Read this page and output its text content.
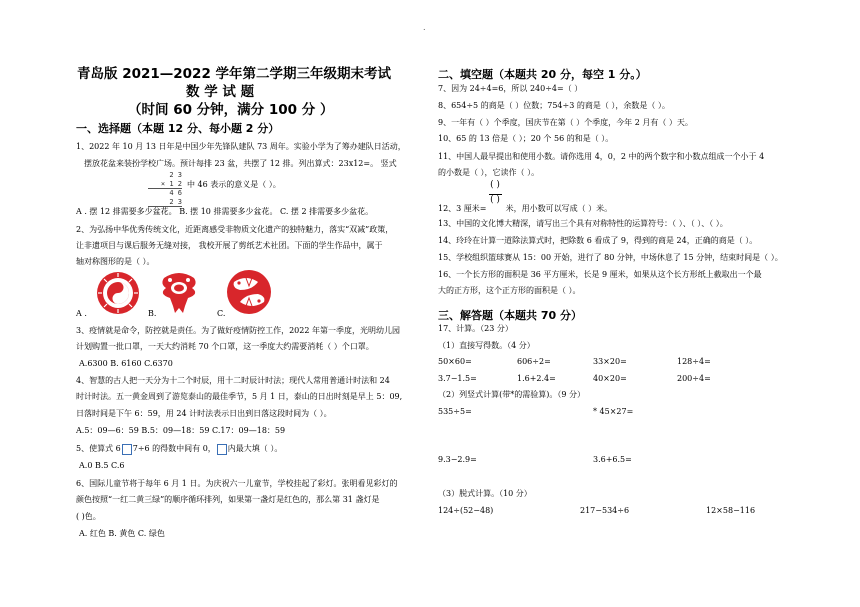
.
青岛版 2021—2022 学年第二学期三年级期末考试
数 学 试 题
（时间 60 分钟，满分 100 分 ）
一、选择题（本题 12 分、每小题 2 分）
1、2022 年 10 月 13 日年是中国少年先锋队建队 73 周年。实验小学为了筹办建队日活动，
摆放花盆来装扮学校广场。预计每排 23 盆，共摆了 12 排。列出算式：23x12=。 竖式
2 3
× 1 2
4 6
2 3
中 46 表示的意义是（ ）。
A . 摆 12 排需要多少盆花。 B. 摆 10 排需要多少盆花。 C. 摆 2 排需要多少盆花。
2、为弘扬中华优秀传统文化，近距离感受非物质文化遗产的独特魅力，落实“双减”政策，
让非遗项目与课后服务无缝对接， 我校开展了剪纸艺术社团。下面的学生作品中，属于
轴对称图形的是（ ）。
A .	B.	C.
3、疫情就是命令，防控就是责任。为了做好疫情防控工作，2022 年第一季度，光明幼儿园
计划购置一批口罩，一天大约消耗 70 个口罩，这一季度大约需要消耗（ ）个口罩。
A.6300 B. 6160 C.6370
4、智慧的古人把一天分为十二个时辰，用十二时辰计时法；现代人常用普通计时法和 24
时计时法。五一黄金周到了游览泰山的最佳季节，5 月 1 日，泰山的日出时刻是早上 5：09,
日落时间是下午 6：59，用 24 计时法表示日出到日落这段时间为（ ）。
A.5：09—6：59 B.5：09—18：59 C.17：09—18：59
5、使算式 6 7÷6 的得数中间有 0， 内最大填（ ）。
A.0 B.5 C.6
6、国际儿童节将于每年 6 月 1 日。为庆祝六一儿童节，学校挂起了彩灯。张明看见彩灯的
颜色按照“一红二黄三绿”的顺序循环排列，如果第一盏灯是红色的，那么第 31 盏灯是
( )色。
A. 红色 B. 黄色 C. 绿色
二、填空题（本题共 20 分，每空 1 分。）
7、因为 24÷4=6，所以 240÷4=（ ）
8、654÷5 的商是（ ）位数；754÷3 的商是（ ），余数是（ ）。
9、一年有（ ）个季度，国庆节在第（ ）个季度，今年 2 月有（ ）天。
10、65 的 13 倍是（ ）；20 个 56 的和是（ ）。
11、中国人最早提出和使用小数。请你选用 4，0，2 中的两个数字和小数点组成一个小于 4
的小数是（ ），它读作（ ）。
12、3 厘米=
( )
( )
米，用小数可以写成（ ）米。
13、中国的文化博大精深，请写出三个具有对称特性的运算符号：（ ）、（ ）、（ ）。
14、玲玲在计算一道除法算式时，把除数 6 看成了 9，得到的商是 24，正确的商是（ ）。
15、学校组织篮球赛从 15：00 开始，进行了 80 分钟，中场休息了 15 分钟，结束时间是（ ）。
16、一个长方形的面积是 36 平方厘米，长是 9 厘米，如果从这个长方形纸上截取出一个最
大的正方形，这个正方形的面积是（ ）。
三、解答题（本题共 70 分）
17、计算。（23 分）
（1）直接写得数。（4 分）
50×60=	606÷2=	33×20=	128÷4=
3.7−1.5=	1.6+2.4=	40×20=	200÷4=
（2）列竖式计算(带*的需验算)。（9 分）
535÷5=	* 45×27=
9.3−2.9=	3.6+6.5=
（3）脱式计算。（10 分）
124÷(52−48)	217−534÷6	12×58−116
